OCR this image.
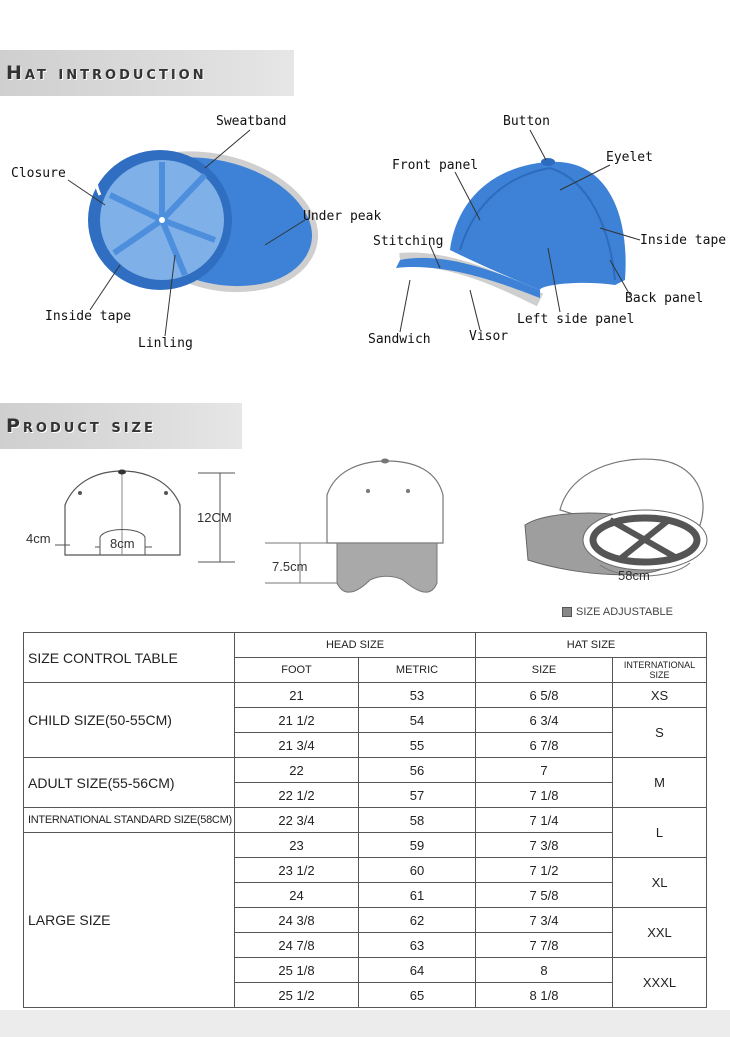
Hat introduction
Sweatband
Closure
Under peak
Inside tape
Linling
Button
Eyelet
Front panel
Stitching	Inside tape
Back panel
Left side panel
Sandwich	Visor
Product size
12CM
4cm	8cm
7.5cm
58cm
SIZE ADJUSTABLE
SIZE CONTROL TABLE	HEAD SIZE		HAT SIZE	
	FOOT	METRIC	SIZE	INTERNATIONAL SIZE
CHILD SIZE(50-55CM)	21	53	6 5/8	XS
	21 1/2	54	6 3/4	S
	21 3/4	55	6 7/8	
ADULT SIZE(55-56CM)	22	56	7	M
	22 1/2	57	7 1/8	
INTERNATIONAL STANDARD SIZE(58CM)	22 3/4	58	7 1/4	L
LARGE SIZE	23	59	7 3/8	
	23 1/2	60	7 1/2	XL
	24	61	7 5/8	
	24 3/8	62	7 3/4	XXL
	24 7/8	63	7 7/8	
	25 1/8	64	8	XXXL
	25 1/2	65	8 1/8	
